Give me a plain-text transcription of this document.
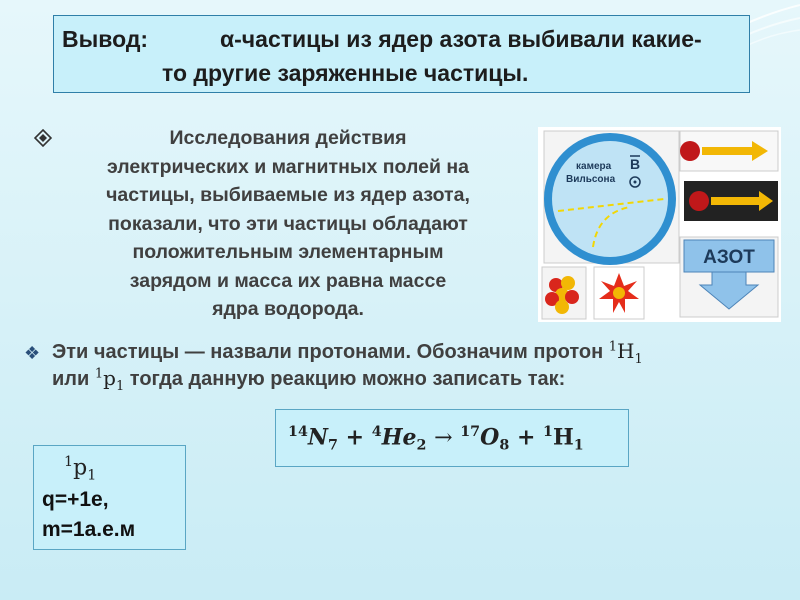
Вывод:	α-частицы из ядер азота выбивали какие-
то другие заряженные частицы.
Исследования действия
электрических и магнитных полей на
частицы, выбиваемые из ядер азота,
показали, что эти частицы обладают
положительным элементарным
зарядом и масса их равна массе
ядра водорода.
камера
Вильсона
B
АЗОТ
❖ Эти частицы — назвали протонами. Обозначим протон $^1H_1$
или $^1p_1$ тогда данную реакцию можно записать так:
$^{14}N_7 + ^4He_2 \to ^{17}O_8 + ^1H_1$
$^1p_1$
q=+1e,
m=1а.е.м
